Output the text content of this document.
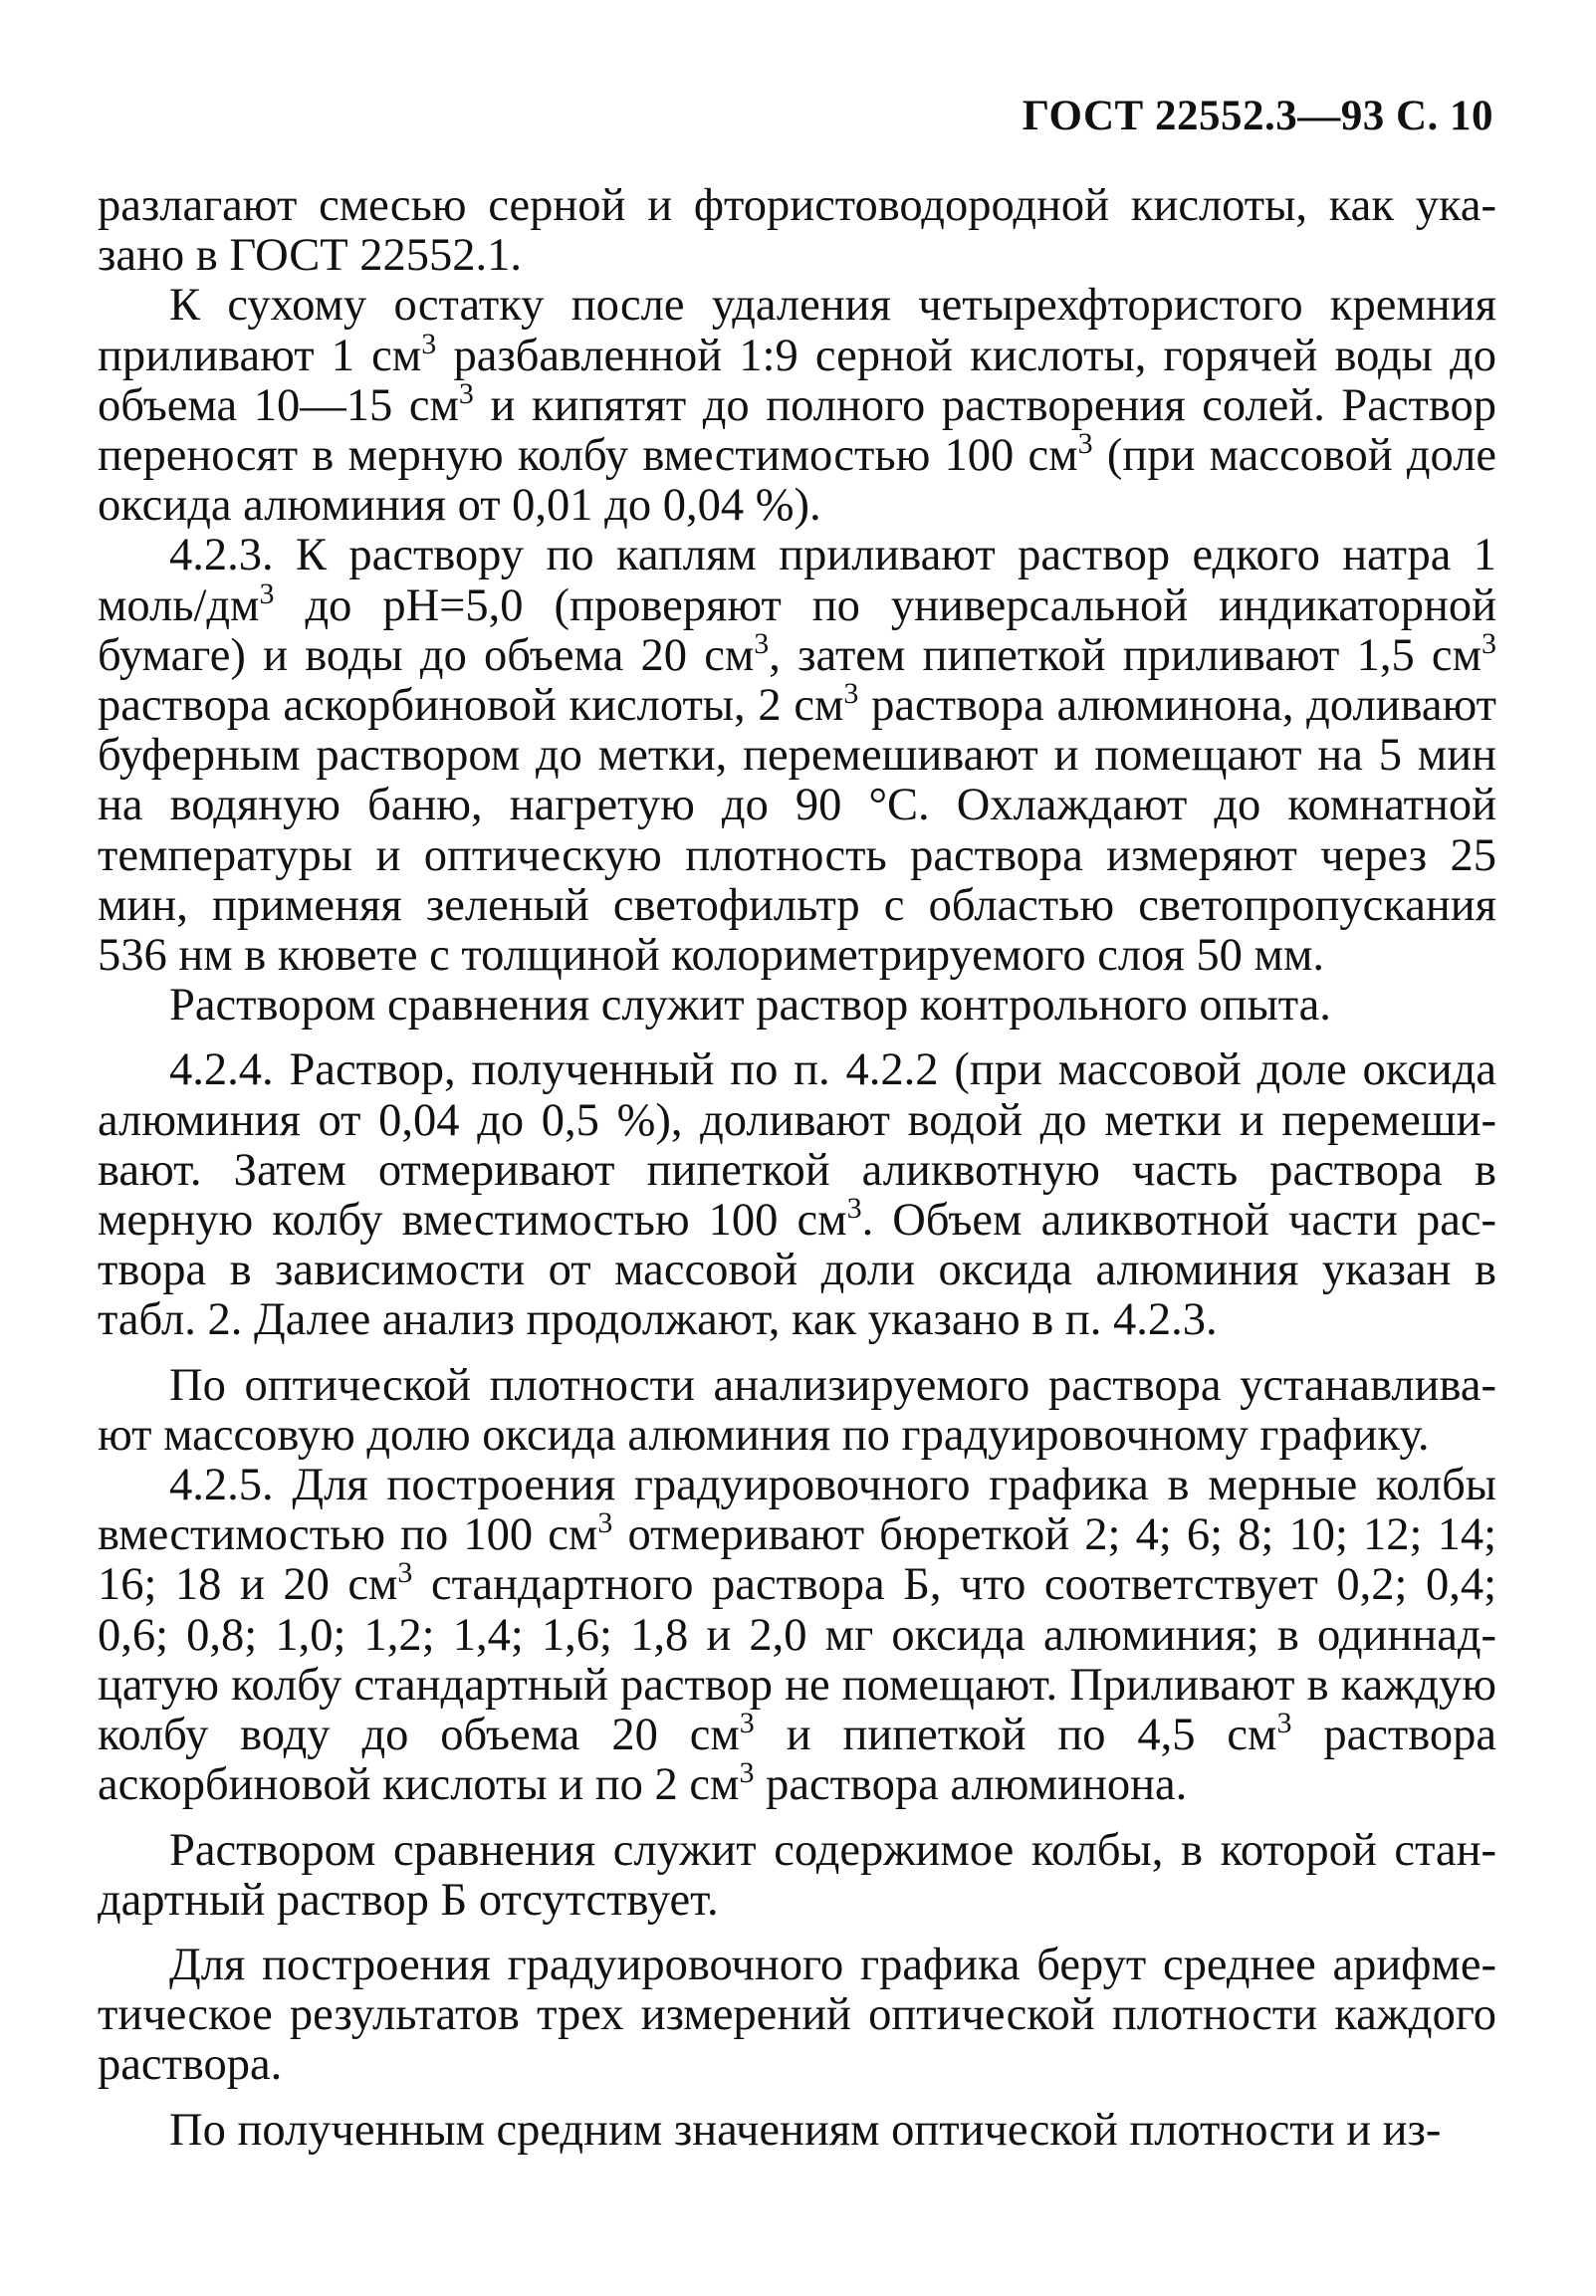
ГОСТ 22552.3—93 С. 10

разлагают смесью серной и фтористоводородной кислоты, как указано в ГОСТ 22552.1.

К сухому остатку после удаления четырехфтористого кремния приливают 1 $см^3$ разбавленной 1:9 серной кислоты, горячей воды до объема 10—15 $см^3$ и кипятят до полного растворения солей. Раствор переносят в мерную колбу вместимостью 100 $см^3$ (при массовой доле оксида алюминия от 0,01 до 0,04 %).

4.2.3. К раствору по каплям приливают раствор едкого натра 1 моль/$дм^3$ до рН=5,0 (проверяют по универсальной индикаторной бумаге) и воды до объема 20 $см^3$, затем пипеткой приливают 1,5 $см^3$ раствора аскорбиновой кислоты, 2 $см^3$ раствора алюминона, доливают буферным раствором до метки, перемешивают и помещают на 5 мин на водяную баню, нагретую до 90 °С. Охлаждают до комнатной температуры и оптическую плотность раствора измеряют через 25 мин, применяя зеленый светофильтр с областью светопропускания 536 нм в кювете с толщиной колориметрируемого слоя 50 мм.

Раствором сравнения служит раствор контрольного опыта.

4.2.4. Раствор, полученный по п. 4.2.2 (при массовой доле оксида алюминия от 0,04 до 0,5 %), доливают водой до метки и перемешивают. Затем отмеривают пипеткой аликвотную часть раствора в мерную колбу вместимостью 100 $см^3$. Объем аликвотной части раствора в зависимости от массовой доли оксида алюминия указан в табл. 2. Далее анализ продолжают, как указано в п. 4.2.3.

По оптической плотности анализируемого раствора устанавливают массовую долю оксида алюминия по градуировочному графику.

4.2.5. Для построения градуировочного графика в мерные колбы вместимостью по 100 $см^3$ отмеривают бюреткой 2; 4; 6; 8; 10; 12; 14; 16; 18 и 20 $см^3$ стандартного раствора Б, что соответствует 0,2; 0,4; 0,6; 0,8; 1,0; 1,2; 1,4; 1,6; 1,8 и 2,0 мг оксида алюминия; в одиннадцатую колбу стандартный раствор не помещают. Приливают в каждую колбу воду до объема 20 $см^3$ и пипеткой по 4,5 $см^3$ раствора аскорбиновой кислоты и по 2 $см^3$ раствора алюминона.

Раствором сравнения служит содержимое колбы, в которой стандартный раствор Б отсутствует.

Для построения градуировочного графика берут среднее арифметическое результатов трех измерений оптической плотности каждого раствора.

По полученным средним значениям оптической плотности и из-
